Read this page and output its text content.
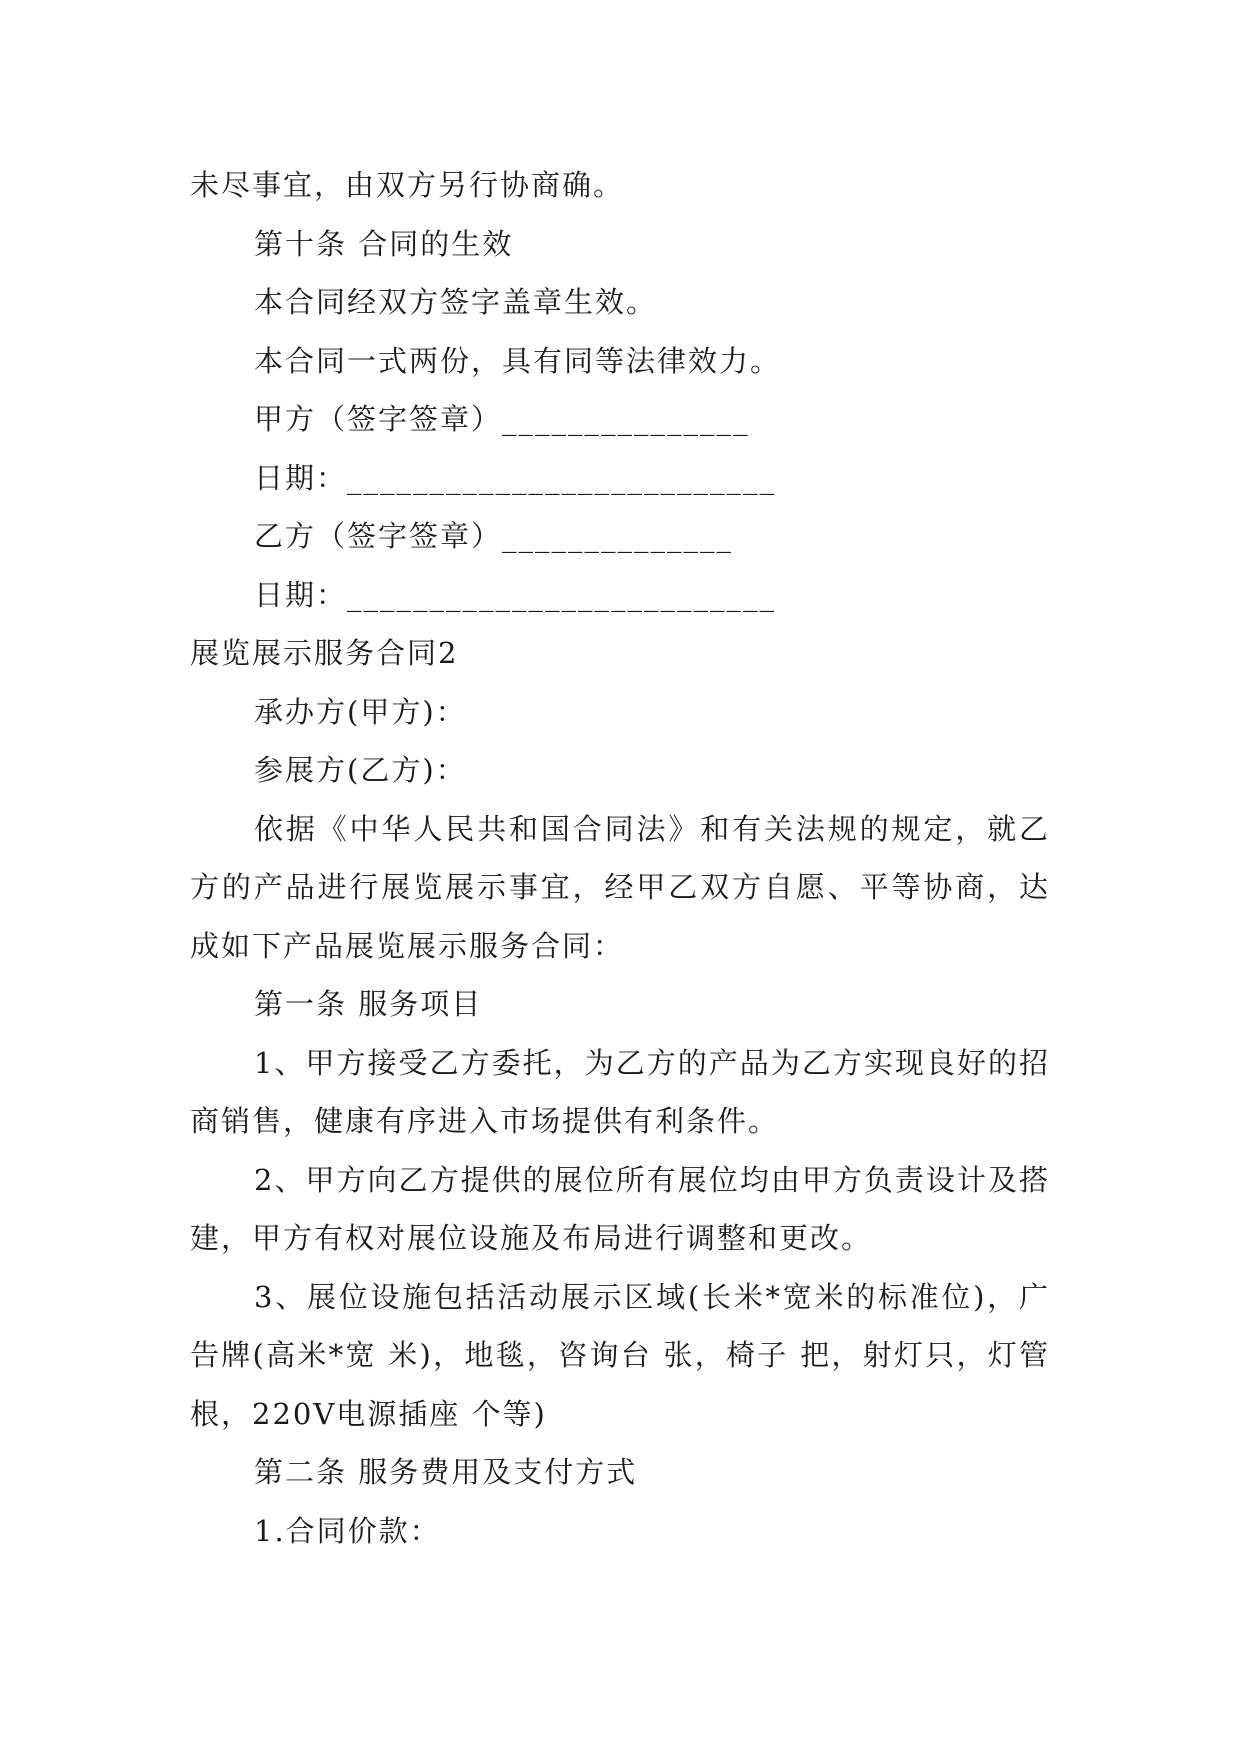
未尽事宜，由双方另行协商确。

第十条 合同的生效

本合同经双方签字盖章生效。

本合同一式两份，具有同等法律效力。

甲方（签字签章）_______________

日期：__________________________

乙方（签字签章）______________

日期：__________________________

展览展示服务合同2

承办方(甲方)：

参展方(乙方)：

依据《中华人民共和国合同法》和有关法规的规定，就乙方的产品进行展览展示事宜，经甲乙双方自愿、平等协商，达成如下产品展览展示服务合同：

第一条 服务项目

1、甲方接受乙方委托，为乙方的产品为乙方实现良好的招商销售，健康有序进入市场提供有利条件。

2、甲方向乙方提供的展位所有展位均由甲方负责设计及搭建，甲方有权对展位设施及布局进行调整和更改。

3、展位设施包括活动展示区域(长米*宽米的标准位)，广告牌(高米*宽 米)，地毯，咨询台 张，椅子 把，射灯只，灯管 根，220V电源插座 个等)

第二条 服务费用及支付方式

1.合同价款：
